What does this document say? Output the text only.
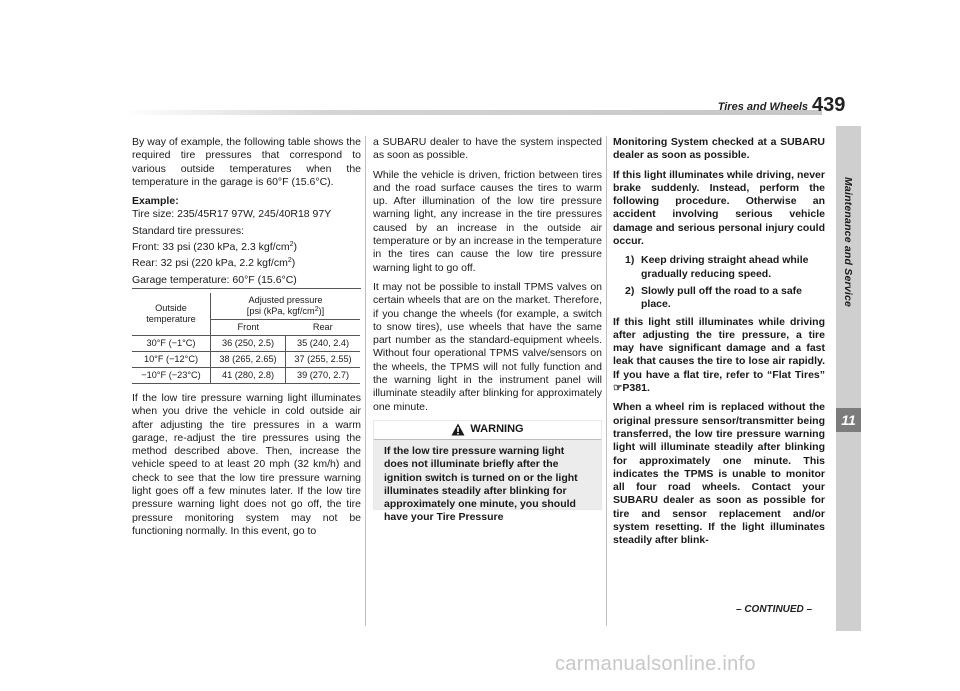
Tires and Wheels 439
Maintenance and Service
11

By way of example, the following table shows the required tire pressures that correspond to various outside temperatures when the temperature in the garage is 60°F (15.6°C).

Example:

Tire size: 235/45R17 97W, 245/40R18 97Y

Standard tire pressures:

Front: 33 psi (230 kPa, 2.3 kgf/$cm^2$)

Rear: 32 psi (220 kPa, 2.2 kgf/$cm^2$)

Garage temperature: 60°F (15.6°C)

Outside temperature	Adjusted pressure
[psi (kPa, kgf/$cm^2$)]	
	Front	Rear
30°F (−1°C)	36 (250, 2.5)	35 (240, 2.4)
10°F (−12°C)	38 (265, 2.65)	37 (255, 2.55)
−10°F (−23°C)	41 (280, 2.8)	39 (270, 2.7)

If the low tire pressure warning light illuminates when you drive the vehicle in cold outside air after adjusting the tire pressures in a warm garage, re-adjust the tire pressures using the method described above. Then, increase the vehicle speed to at least 20 mph (32 km/h) and check to see that the low tire pressure warning light goes off a few minutes later. If the low tire pressure warning light does not go off, the tire pressure monitoring system may not be functioning normally. In this event, go to

a SUBARU dealer to have the system inspected as soon as possible.

While the vehicle is driven, friction between tires and the road surface causes the tires to warm up. After illumination of the low tire pressure warning light, any increase in the tire pressures caused by an increase in the outside air temperature or by an increase in the temperature in the tires can cause the low tire pressure warning light to go off.

It may not be possible to install TPMS valves on certain wheels that are on the market. Therefore, if you change the wheels (for example, a switch to snow tires), use wheels that have the same part number as the standard-equipment wheels. Without four operational TPMS valve/sensors on the wheels, the TPMS will not fully function and the warning light in the instrument panel will illuminate steadily after blinking for approximately one minute.

WARNING
If the low tire pressure warning light does not illuminate briefly after the ignition switch is turned on or the light illuminates steadily after blinking for approximately one minute, you should have your Tire Pressure

Monitoring System checked at a SUBARU dealer as soon as possible.

If this light illuminates while driving, never brake suddenly. Instead, perform the following procedure. Otherwise an accident involving serious vehicle damage and serious personal injury could occur.

1) Keep driving straight ahead while gradually reducing speed.
2) Slowly pull off the road to a safe place.

If this light still illuminates while driving after adjusting the tire pressure, a tire may have significant damage and a fast leak that causes the tire to lose air rapidly. If you have a flat tire, refer to “Flat Tires” ☞P381.

When a wheel rim is replaced without the original pressure sensor/transmitter being transferred, the low tire pressure warning light will illuminate steadily after blinking for approximately one minute. This indicates the TPMS is unable to monitor all four road wheels. Contact your SUBARU dealer as soon as possible for tire and sensor replacement and/or system resetting. If the light illuminates steadily after blink-

– CONTINUED –
carmanualsonline.info
